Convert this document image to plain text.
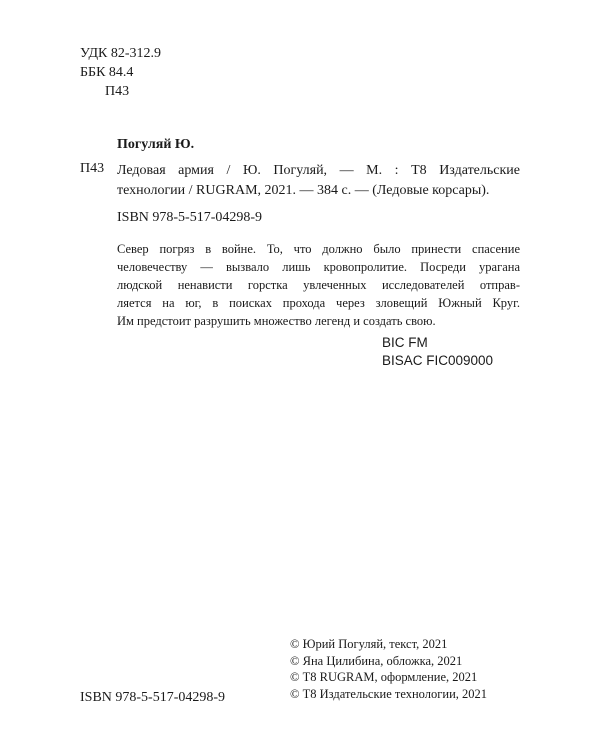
УДК 82-312.9
ББК 84.4
П43
Погуляй Ю.
П43 Ледовая армия / Ю. Погуляй, — М. : Т8 Издательские
технологии / RUGRAM, 2021. — 384 с. — (Ледовые корсары).
ISBN 978-5-517-04298-9
Север погряз в войне. То, что должно было принести спасение
человечеству — вызвало лишь кровопролитие. Посреди урагана
людской ненависти горстка увлеченных исследователей отправ-
ляется на юг, в поисках прохода через зловещий Южный Круг.
Им предстоит разрушить множество легенд и создать свою.
BIC FM
BISAC FIC009000
ISBN 978-5-517-04298-9
© Юрий Погуляй, текст, 2021
© Яна Цилибина, обложка, 2021
© Т8 RUGRAM, оформление, 2021
© Т8 Издательские технологии, 2021
